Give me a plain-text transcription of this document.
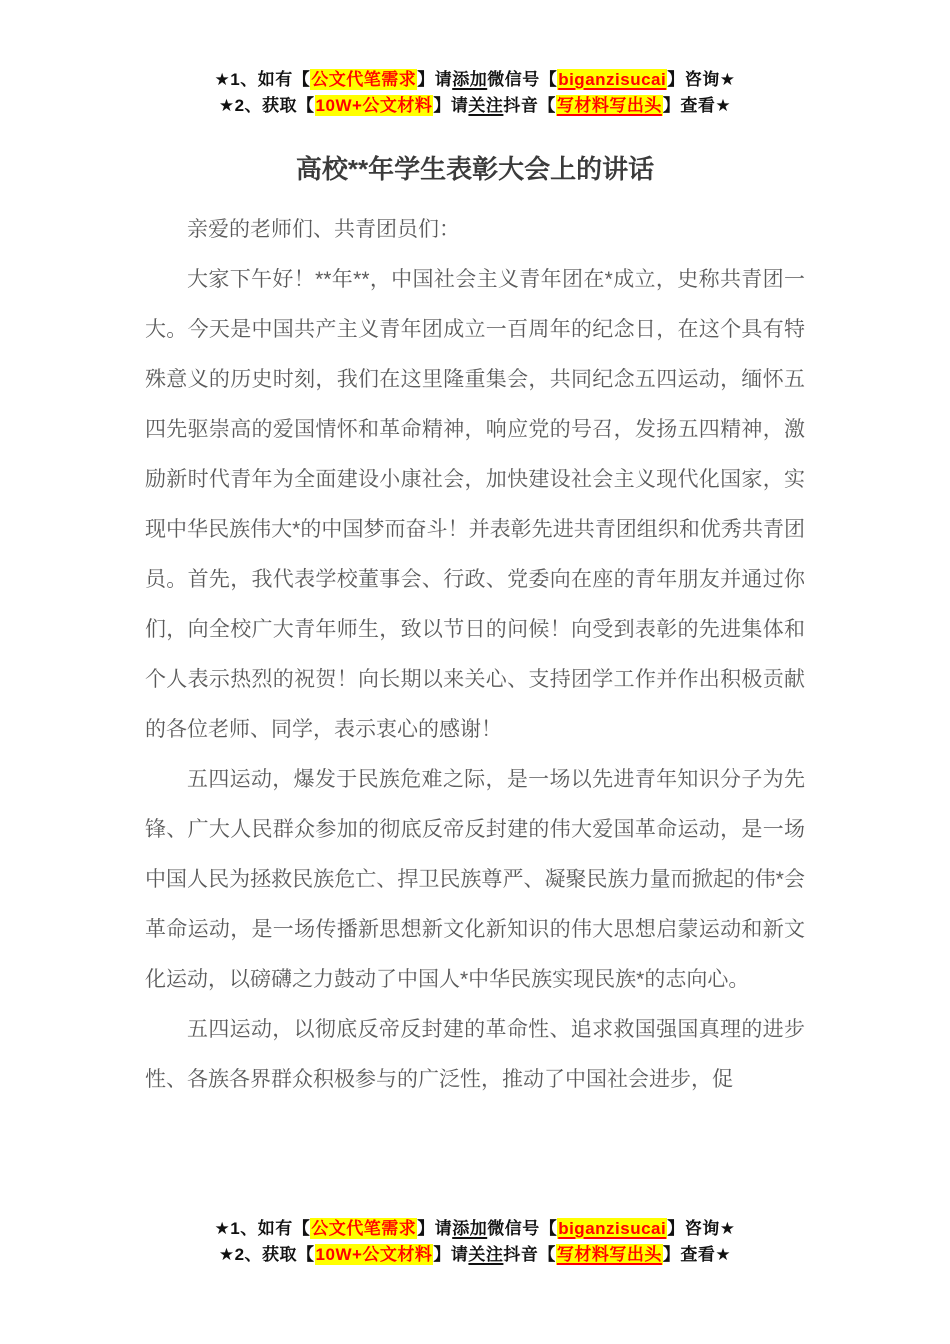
★1、如有【公文代笔需求】请添加微信号【biganzisucai】咨询★
★2、获取【10W+公文材料】请关注抖音【写材料写出头】查看★
高校**年学生表彰大会上的讲话

亲爱的老师们、共青团员们：

大家下午好！**年**，中国社会主义青年团在*成立，史称共青团一大。今天是中国共产主义青年团成立一百周年的纪念日，在这个具有特殊意义的历史时刻，我们在这里隆重集会，共同纪念五四运动，缅怀五四先驱崇高的爱国情怀和革命精神，响应党的号召，发扬五四精神，激励新时代青年为全面建设小康社会，加快建设社会主义现代化国家，实现中华民族伟大*的中国梦而奋斗！并表彰先进共青团组织和优秀共青团员。首先，我代表学校董事会、行政、党委向在座的青年朋友并通过你们，向全校广大青年师生，致以节日的问候！向受到表彰的先进集体和个人表示热烈的祝贺！向长期以来关心、支持团学工作并作出积极贡献的各位老师、同学，表示衷心的感谢！

五四运动，爆发于民族危难之际，是一场以先进青年知识分子为先锋、广大人民群众参加的彻底反帝反封建的伟大爱国革命运动，是一场中国人民为拯救民族危亡、捍卫民族尊严、凝聚民族力量而掀起的伟*会革命运动，是一场传播新思想新文化新知识的伟大思想启蒙运动和新文化运动，以磅礴之力鼓动了中国人*中华民族实现民族*的志向心。

五四运动，以彻底反帝反封建的革命性、追求救国强国真理的进步性、各族各界群众积极参与的广泛性，推动了中国社会进步，促

★1、如有【公文代笔需求】请添加微信号【biganzisucai】咨询★
★2、获取【10W+公文材料】请关注抖音【写材料写出头】查看★
